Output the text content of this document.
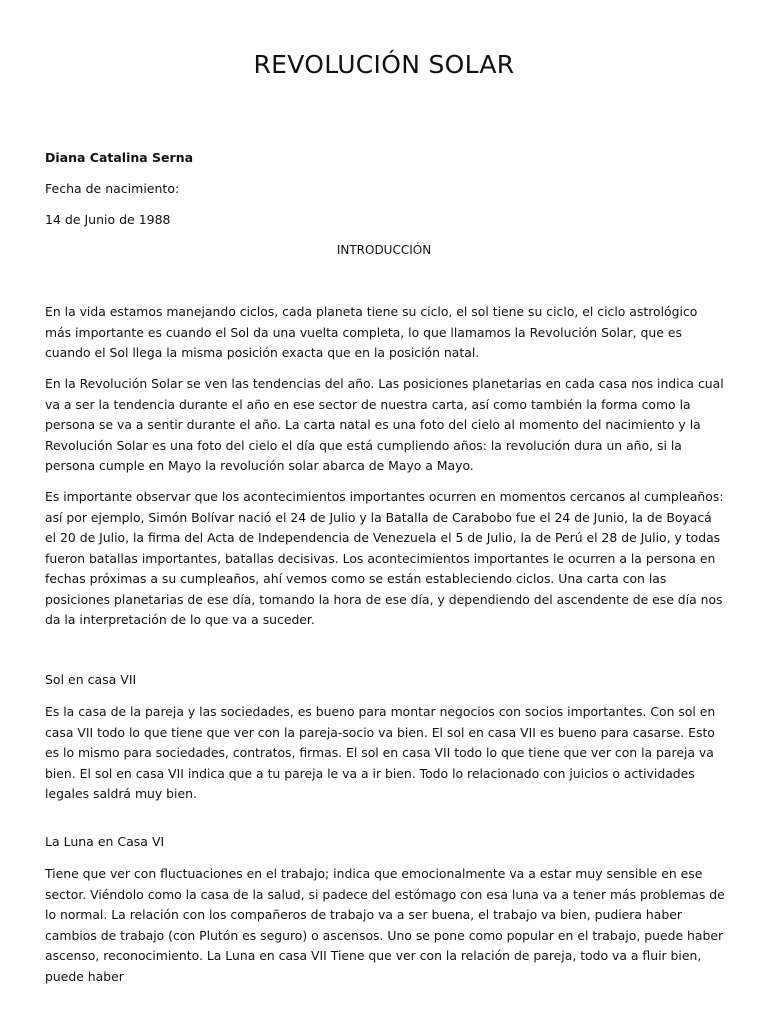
REVOLUCIÓN SOLAR

Diana Catalina Serna

Fecha de nacimiento:

14 de Junio de 1988

INTRODUCCIÓN

En la vida estamos manejando ciclos, cada planeta tiene su ciclo, el sol tiene su ciclo, el ciclo astrológico más importante es cuando el Sol da una vuelta completa, lo que llamamos la Revolución Solar, que es cuando el Sol llega la misma posición exacta que en la posición natal.

En la Revolución Solar se ven las tendencias del año. Las posiciones planetarias en cada casa nos indica cual va a ser la tendencia durante el año en ese sector de nuestra carta, así como también la forma como la persona se va a sentir durante el año. La carta natal es una foto del cielo al momento del nacimiento y la Revolución Solar es una foto del cielo el día que está cumpliendo años: la revolución dura un año, si la persona cumple en Mayo la revolución solar abarca de Mayo a Mayo.

Es importante observar que los acontecimientos importantes ocurren en momentos cercanos al cumpleaños: así por ejemplo, Simón Bolívar nació el 24 de Julio y la Batalla de Carabobo fue el 24 de Junio, la de Boyacá el 20 de Julio, la firma del Acta de Independencia de Venezuela el 5 de Julio, la de Perú el 28 de Julio, y todas fueron batallas importantes, batallas decisivas. Los acontecimientos importantes le ocurren a la persona en fechas próximas a su cumpleaños, ahí vemos como se están estableciendo ciclos. Una carta con las posiciones planetarias de ese día, tomando la hora de ese día, y dependiendo del ascendente de ese día nos da la interpretación de lo que va a suceder.

Sol en casa VII

Es la casa de la pareja y las sociedades, es bueno para montar negocios con socios importantes. Con sol en casa VII todo lo que tiene que ver con la pareja-socio va bien. El sol en casa VII es bueno para casarse. Esto es lo mismo para sociedades, contratos, firmas. El sol en casa VII todo lo que tiene que ver con la pareja va bien. El sol en casa VII indica que a tu pareja le va a ir bien. Todo lo relacionado con juicios o actividades legales saldrá muy bien.

La Luna en Casa VI

Tiene que ver con fluctuaciones en el trabajo; indica que emocionalmente va a estar muy sensible en ese sector. Viéndolo como la casa de la salud, si padece del estómago con esa luna va a tener más problemas de lo normal. La relación con los compañeros de trabajo va a ser buena, el trabajo va bien, pudiera haber cambios de trabajo (con Plutón es seguro) o ascensos. Uno se pone como popular en el trabajo, puede haber ascenso, reconocimiento. La Luna en casa VII Tiene que ver con la relación de pareja, todo va a fluir bien, puede haber
